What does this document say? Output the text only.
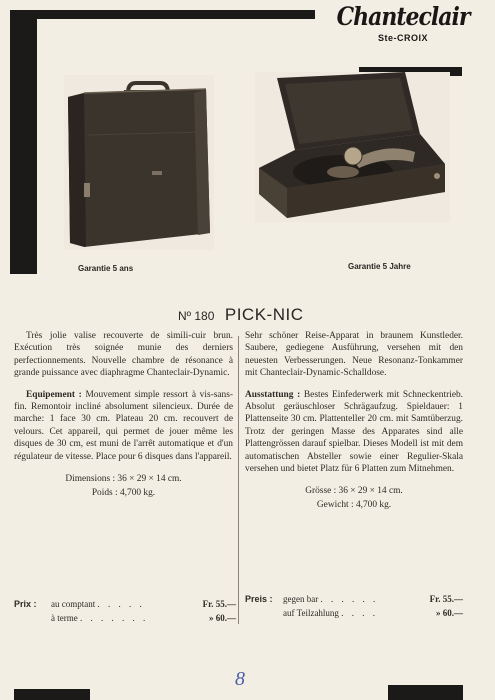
Chanteclair
Ste-CROIX
Garantie 5 ans	Garantie 5 Jahre
Nº 180 PICK-NIC

Très jolie valise recouverte de simili-cuir brun. Exécution très soignée munie des derniers perfectionnements. Nouvelle chambre de résonance à grande puissance avec diaphragme Chanteclair-Dynamic.

Equipement : Mouvement simple ressort à vis-sans-fin. Remontoir incliné absolument silencieux. Durée de marche: 1 face 30 cm. Plateau 20 cm. recouvert de velours. Cet appareil, qui permet de jouer même les disques de 30 cm, est muni de l'arrêt automatique et d'un régulateur de vitesse. Place pour 6 disques dans l'appareil.

Dimensions : 36 × 29 × 14 cm.
Poids : 4,700 kg.

Sehr schöner Reise-Apparat in braunem Kunstleder. Saubere, gediegene Ausführung, versehen mit den neuesten Verbesserungen. Neue Resonanz-Tonkammer mit Chanteclair-Dynamic-Schalldose.

Ausstattung : Bestes Einfederwerk mit Schneckentrieb. Absolut geräuschloser Schrägaufzug. Spieldauer: 1 Plattenseite 30 cm. Plattenteller 20 cm. mit Samtüberzug. Trotz der geringen Masse des Apparates sind alle Plattengrössen darauf spielbar. Dieses Modell ist mit dem automatischen Absteller sowie einer Regulier-Skala versehen und bietet Platz für 6 Platten zum Mitnehmen.

Grösse : 36 × 29 × 14 cm.
Gewicht : 4,700 kg.
Prix : au comptant . . . . .	Fr. 55.—
à terme . . . . . . .	» 60.—
Preis : gegen bar . . . . . .	Fr. 55.—
auf Teilzahlung . . . .	» 60.—
8
